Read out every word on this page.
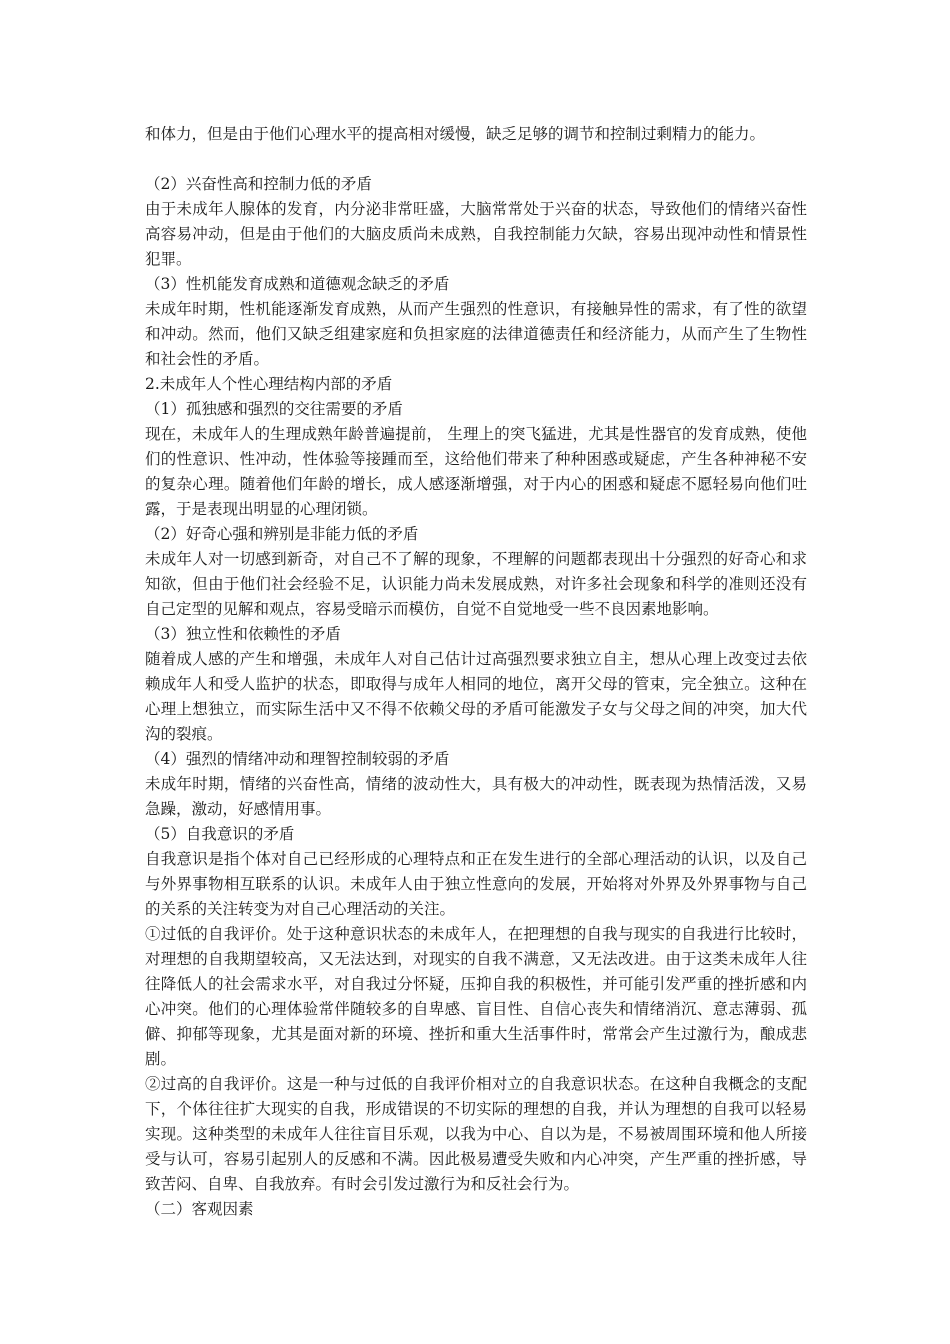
和体力，但是由于他们心理水平的提高相对缓慢，缺乏足够的调节和控制过剩精力的能力。

（2）兴奋性高和控制力低的矛盾

由于未成年人腺体的发育，内分泌非常旺盛，大脑常常处于兴奋的状态，导致他们的情绪兴奋性高容易冲动，但是由于他们的大脑皮质尚未成熟，自我控制能力欠缺，容易出现冲动性和情景性犯罪。

（3）性机能发育成熟和道德观念缺乏的矛盾

未成年时期，性机能逐渐发育成熟，从而产生强烈的性意识，有接触异性的需求，有了性的欲望和冲动。然而，他们又缺乏组建家庭和负担家庭的法律道德责任和经济能力，从而产生了生物性和社会性的矛盾。

2.未成年人个性心理结构内部的矛盾

（1）孤独感和强烈的交往需要的矛盾

现在，未成年人的生理成熟年龄普遍提前， 生理上的突飞猛进，尤其是性器官的发育成熟，使他们的性意识、性冲动，性体验等接踵而至，这给他们带来了种种困惑或疑虑，产生各种神秘不安的复杂心理。随着他们年龄的增长，成人感逐渐增强，对于内心的困惑和疑虑不愿轻易向他们吐露，于是表现出明显的心理闭锁。

（2）好奇心强和辨别是非能力低的矛盾

未成年人对一切感到新奇，对自己不了解的现象，不理解的问题都表现出十分强烈的好奇心和求知欲，但由于他们社会经验不足，认识能力尚未发展成熟，对许多社会现象和科学的准则还没有自己定型的见解和观点，容易受暗示而模仿，自觉不自觉地受一些不良因素地影响。

（3）独立性和依赖性的矛盾

随着成人感的产生和增强，未成年人对自己估计过高强烈要求独立自主，想从心理上改变过去依赖成年人和受人监护的状态，即取得与成年人相同的地位，离开父母的管束，完全独立。这种在心理上想独立，而实际生活中又不得不依赖父母的矛盾可能激发子女与父母之间的冲突，加大代沟的裂痕。

（4）强烈的情绪冲动和理智控制较弱的矛盾

未成年时期，情绪的兴奋性高，情绪的波动性大，具有极大的冲动性，既表现为热情活泼，又易急躁，激动，好感情用事。

（5）自我意识的矛盾

自我意识是指个体对自己已经形成的心理特点和正在发生进行的全部心理活动的认识，以及自己与外界事物相互联系的认识。未成年人由于独立性意向的发展，开始将对外界及外界事物与自己的关系的关注转变为对自己心理活动的关注。

①过低的自我评价。处于这种意识状态的未成年人，在把理想的自我与现实的自我进行比较时，对理想的自我期望较高，又无法达到，对现实的自我不满意，又无法改进。由于这类未成年人往往降低人的社会需求水平，对自我过分怀疑，压抑自我的积极性，并可能引发严重的挫折感和内心冲突。他们的心理体验常伴随较多的自卑感、盲目性、自信心丧失和情绪消沉、意志薄弱、孤僻、抑郁等现象，尤其是面对新的环境、挫折和重大生活事件时，常常会产生过激行为，酿成悲剧。

②过高的自我评价。这是一种与过低的自我评价相对立的自我意识状态。在这种自我概念的支配下，个体往往扩大现实的自我，形成错误的不切实际的理想的自我，并认为理想的自我可以轻易实现。这种类型的未成年人往往盲目乐观，以我为中心、自以为是，不易被周围环境和他人所接受与认可，容易引起别人的反感和不满。因此极易遭受失败和内心冲突，产生严重的挫折感，导致苦闷、自卑、自我放弃。有时会引发过激行为和反社会行为。

（二）客观因素
